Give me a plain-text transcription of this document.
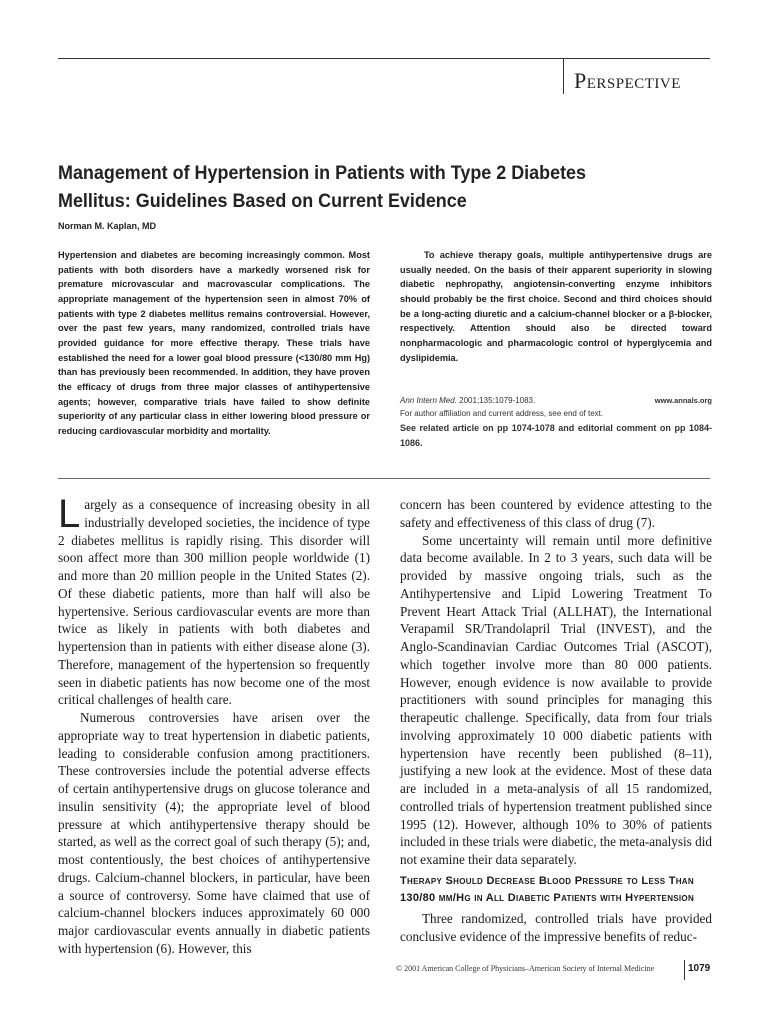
Perspective
Management of Hypertension in Patients with Type 2 Diabetes Mellitus: Guidelines Based on Current Evidence
Norman M. Kaplan, MD

Hypertension and diabetes are becoming increasingly common. Most patients with both disorders have a markedly worsened risk for premature microvascular and macrovascular complications. The appropriate management of the hypertension seen in almost 70% of patients with type 2 diabetes mellitus remains controversial. However, over the past few years, many randomized, controlled trials have provided guidance for more effective therapy. These trials have established the need for a lower goal blood pressure (<130/80 mm Hg) than has previously been recommended. In addition, they have proven the efficacy of drugs from three major classes of antihypertensive agents; however, comparative trials have failed to show definite superiority of any particular class in either lowering blood pressure or reducing cardiovascular morbidity and mortality.

To achieve therapy goals, multiple antihypertensive drugs are usually needed. On the basis of their apparent superiority in slowing diabetic nephropathy, angiotensin-converting enzyme inhibitors should probably be the first choice. Second and third choices should be a long-acting diuretic and a calcium-channel blocker or a β-blocker, respectively. Attention should also be directed toward nonpharmacologic and pharmacologic control of hyperglycemia and dyslipidemia.

Ann Intern Med. 2001;135:1079-1083.	www.annals.org
For author affiliation and current address, see end of text.
See related article on pp 1074-1078 and editorial comment on pp 1084-1086.

Largely as a consequence of increasing obesity in all industrially developed societies, the incidence of type 2 diabetes mellitus is rapidly rising. This disorder will soon affect more than 300 million people worldwide (1) and more than 20 million people in the United States (2). Of these diabetic patients, more than half will also be hypertensive. Serious cardiovascular events are more than twice as likely in patients with both diabetes and hypertension than in patients with either disease alone (3). Therefore, management of the hypertension so frequently seen in diabetic patients has now become one of the most critical challenges of health care.

Numerous controversies have arisen over the appropriate way to treat hypertension in diabetic patients, leading to considerable confusion among practitioners. These controversies include the potential adverse effects of certain antihypertensive drugs on glucose tolerance and insulin sensitivity (4); the appropriate level of blood pressure at which antihypertensive therapy should be started, as well as the correct goal of such therapy (5); and, most contentiously, the best choices of antihypertensive drugs. Calcium-channel blockers, in particular, have been a source of controversy. Some have claimed that use of calcium-channel blockers induces approximately 60 000 major cardiovascular events annually in diabetic patients with hypertension (6). However, this

concern has been countered by evidence attesting to the safety and effectiveness of this class of drug (7).

Some uncertainty will remain until more definitive data become available. In 2 to 3 years, such data will be provided by massive ongoing trials, such as the Antihypertensive and Lipid Lowering Treatment To Prevent Heart Attack Trial (ALLHAT), the International Verapamil SR/Trandolapril Trial (INVEST), and the Anglo-Scandinavian Cardiac Outcomes Trial (ASCOT), which together involve more than 80 000 patients. However, enough evidence is now available to provide practitioners with sound principles for managing this therapeutic challenge. Specifically, data from four trials involving approximately 10 000 diabetic patients with hypertension have recently been published (8–11), justifying a new look at the evidence. Most of these data are included in a meta-analysis of all 15 randomized, controlled trials of hypertension treatment published since 1995 (12). However, although 10% to 30% of patients included in these trials were diabetic, the meta-analysis did not examine their data separately.

Therapy Should Decrease Blood Pressure to Less Than 130/80 mm/Hg in All Diabetic Patients with Hypertension

Three randomized, controlled trials have provided conclusive evidence of the impressive benefits of reduc-

© 2001 American College of Physicians–American Society of Internal Medicine	1079
